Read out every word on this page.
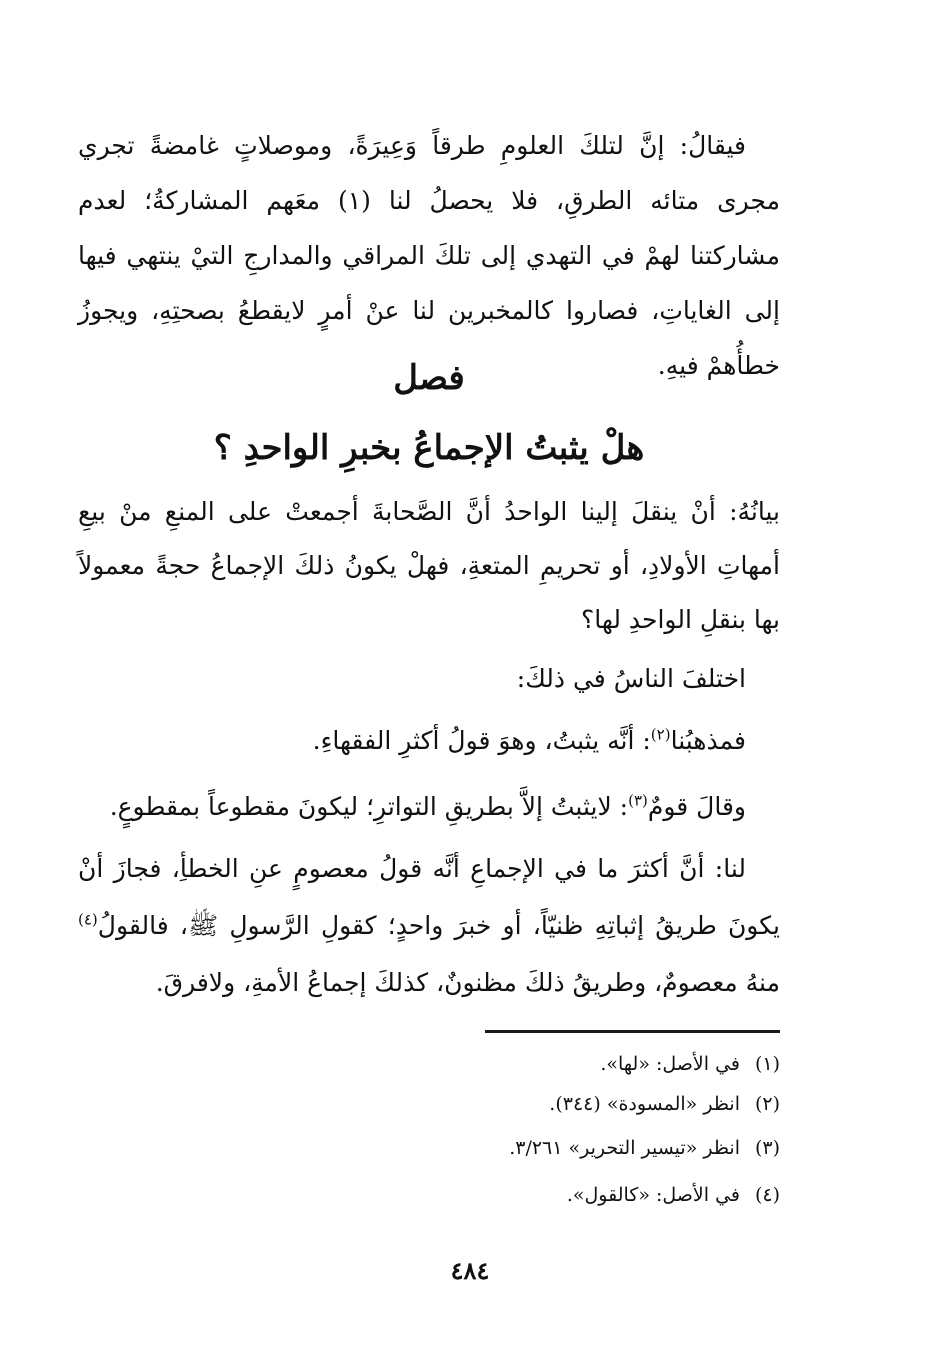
فيقالُ: إنَّ لتلكَ العلومِ طرقاً وَعِيرَةً، وموصلاتٍ غامضةً تجري مجرى متائه الطرقِ، فلا يحصلُ لنا (١) معَهم المشاركةُ؛ لعدم مشاركتنا لهمْ في التهدي إلى تلكَ المراقي والمدارجِ التيْ ينتهي فيها إلى الغاياتِ، فصاروا كالمخبرين لنا عنْ أمرٍ لايقطعُ بصحتِهِ، ويجوزُ خطأُهمْ فيهِ.

فصل
هلْ يثبتُ الإجماعُ بخبرِ الواحدِ ؟

بيانُهُ: أنْ ينقلَ إلينا الواحدُ أنَّ الصَّحابةَ أجمعتْ على المنعِ منْ بيعِ أمهاتِ الأولادِ، أو تحريمِ المتعةِ، فهلْ يكونُ ذلكَ الإجماعُ حجةً معمولاً بها بنقلِ الواحدِ لها؟

اختلفَ الناسُ في ذلكَ:
فمذهبُنا$^{(٢)}$: أنَّه يثبتُ، وهوَ قولُ أكثرِ الفقهاءِ.
وقالَ قومٌ$^{(٣)}$: لايثبتُ إلاَّ بطريقِ التواترِ؛ ليكونَ مقطوعاً بمقطوعٍ.

لنا: أنَّ أكثرَ ما في الإجماعِ أنَّه قولُ معصومٍ عنِ الخطأِ، فجازَ أنْ يكونَ طريقُ إثباتِهِ ظنيّاً، أو خبرَ واحدٍ؛ كقولِ الرَّسولِ ﷺ، فالقولُ$^{(٤)}$ منهُ معصومٌ، وطريقُ ذلكَ مظنونٌ، كذلكَ إجماعُ الأمةِ، ولافرقَ.

(١)في الأصل: «لها».
(٢)انظر «المسودة» (٣٤٤).
(٣)انظر «تيسير التحرير» ٣/٢٦١.
(٤)في الأصل: «كالقول».
٤٨٤
